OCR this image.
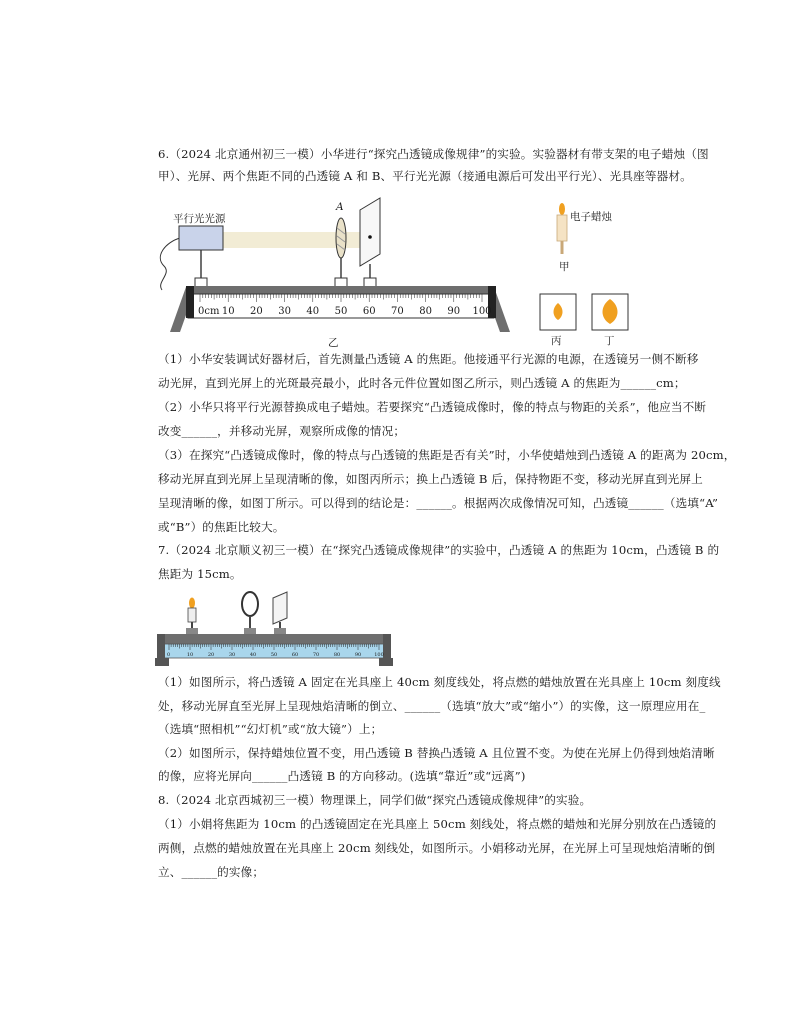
6.（2024 北京通州初三一模）小华进行“探究凸透镜成像规律”的实验。实验器材有带支架的电子蜡烛（图
甲）、光屏、两个焦距不同的凸透镜 A 和 B、平行光光源（接通电源后可发出平行光）、光具座等器材。
平行光光源
A
0cm 10 20 30 40 50 60 70 80 90 100
乙
电子蜡烛
甲
丙	丁
（1）小华安装调试好器材后，首先测量凸透镜 A 的焦距。他接通平行光源的电源，在透镜另一侧不断移
动光屏，直到光屏上的光斑最亮最小，此时各元件位置如图乙所示，则凸透镜 A 的焦距为______cm；
（2）小华只将平行光源替换成电子蜡烛。若要探究“凸透镜成像时，像的特点与物距的关系”，他应当不断
改变______，并移动光屏，观察所成像的情况；
（3）在探究“凸透镜成像时，像的特点与凸透镜的焦距是否有关”时，小华使蜡烛到凸透镜 A 的距离为 20cm，
移动光屏直到光屏上呈现清晰的像，如图丙所示；换上凸透镜 B 后，保持物距不变，移动光屏直到光屏上
呈现清晰的像，如图丁所示。可以得到的结论是：______。根据两次成像情况可知，凸透镜______（选填“A”
或“B”）的焦距比较大。
7.（2024 北京顺义初三一模）在“探究凸透镜成像规律”的实验中，凸透镜 A 的焦距为 10cm，凸透镜 B 的
焦距为 15cm。
0	10	20	30	40	50	60	70	80	90	100
（1）如图所示，将凸透镜 A 固定在光具座上 40cm 刻度线处，将点燃的蜡烛放置在光具座上 10cm 刻度线
处，移动光屏直至光屏上呈现烛焰清晰的倒立、______（选填“放大”或“缩小”）的实像，这一原理应用在_
（选填“照相机”“幻灯机”或“放大镜”）上；
（2）如图所示，保持蜡烛位置不变，用凸透镜 B 替换凸透镜 A 且位置不变。为使在光屏上仍得到烛焰清晰
的像，应将光屏向______凸透镜 B 的方向移动。(选填“靠近”或“远离”)
8.（2024 北京西城初三一模）物理课上，同学们做“探究凸透镜成像规律”的实验。
（1）小娟将焦距为 10cm 的凸透镜固定在光具座上 50cm 刻线处，将点燃的蜡烛和光屏分别放在凸透镜的
两侧，点燃的蜡烛放置在光具座上 20cm 刻线处，如图所示。小娟移动光屏，在光屏上可呈现烛焰清晰的倒
立、______的实像；
